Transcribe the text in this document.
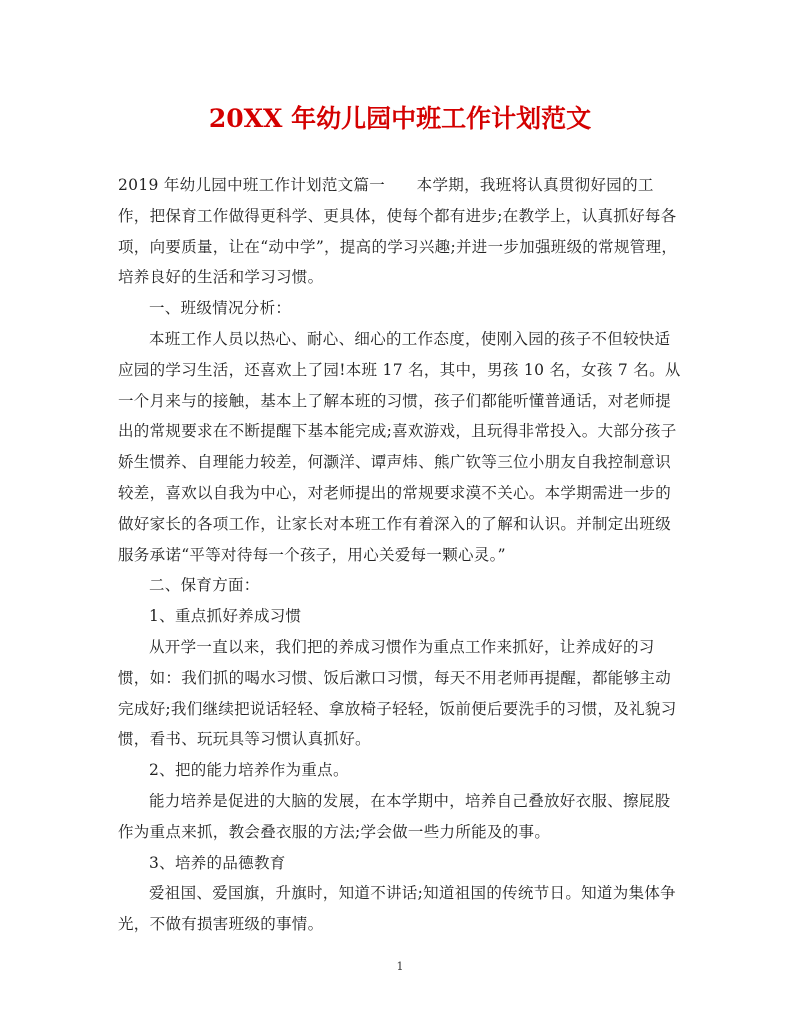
20XX 年幼儿园中班工作计划范文

2019 年幼儿园中班工作计划范文篇一　　本学期，我班将认真贯彻好园的工作，把保育工作做得更科学、更具体，使每个都有进步;在教学上，认真抓好每各项，向要质量，让在“动中学”，提高的学习兴趣;并进一步加强班级的常规管理，培养良好的生活和学习习惯。

一、班级情况分析：

本班工作人员以热心、耐心、细心的工作态度，使刚入园的孩子不但较快适应园的学习生活，还喜欢上了园!本班 17 名，其中，男孩 10 名，女孩 7 名。从一个月来与的接触，基本上了解本班的习惯，孩子们都能听懂普通话，对老师提出的常规要求在不断提醒下基本能完成;喜欢游戏，且玩得非常投入。大部分孩子娇生惯养、自理能力较差，何灏洋、谭声炜、熊广钦等三位小朋友自我控制意识较差，喜欢以自我为中心，对老师提出的常规要求漠不关心。本学期需进一步的做好家长的各项工作，让家长对本班工作有着深入的了解和认识。并制定出班级服务承诺“平等对待每一个孩子，用心关爱每一颗心灵。”

二、保育方面：

1、重点抓好养成习惯

从开学一直以来，我们把的养成习惯作为重点工作来抓好，让养成好的习惯，如：我们抓的喝水习惯、饭后漱口习惯，每天不用老师再提醒，都能够主动完成好;我们继续把说话轻轻、拿放椅子轻轻，饭前便后要洗手的习惯，及礼貌习惯，看书、玩玩具等习惯认真抓好。

2、把的能力培养作为重点。

能力培养是促进的大脑的发展，在本学期中，培养自己叠放好衣服、擦屁股作为重点来抓，教会叠衣服的方法;学会做一些力所能及的事。

3、培养的品德教育

爱祖国、爱国旗，升旗时，知道不讲话;知道祖国的传统节日。知道为集体争光，不做有损害班级的事情。

1
